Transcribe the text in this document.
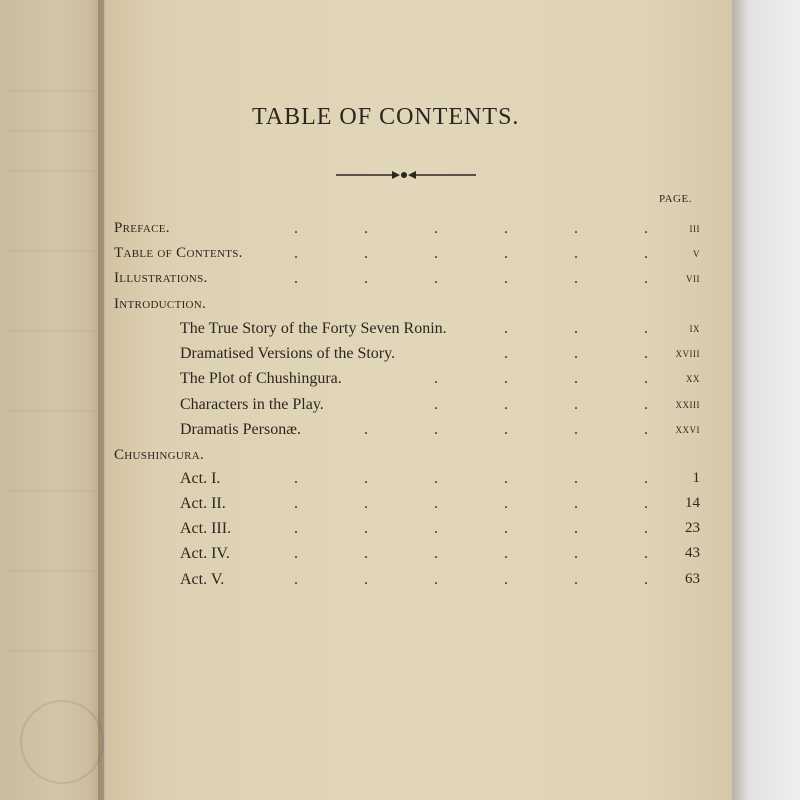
TABLE OF CONTENTS.
PAGE.
Preface.	.	.	.	.	.	.	iii
Table of Contents.	.	.	.	.	.	.	v
Illustrations.	.	.	.	.	.	.	vii
Introduction.
The True Story of the Forty Seven Ronin.	.	.	.	ix
Dramatised Versions of the Story.	.	.	. xviii
The Plot of Chushingura.	.	.	.	.	xx
Characters in the Play.	.	.	.	. xxiii
Dramatis Personæ.	.	.	.	.	. xxvi
Chushingura.
Act. I.	.	.	.	.	.	.	1
Act. II.	.	.	.	.	.	. 14
Act. III.	.	.	.	.	.	. 23
Act. IV.	.	.	.	.	.	. 43
Act. V.	.	.	.	.	.	. 63
